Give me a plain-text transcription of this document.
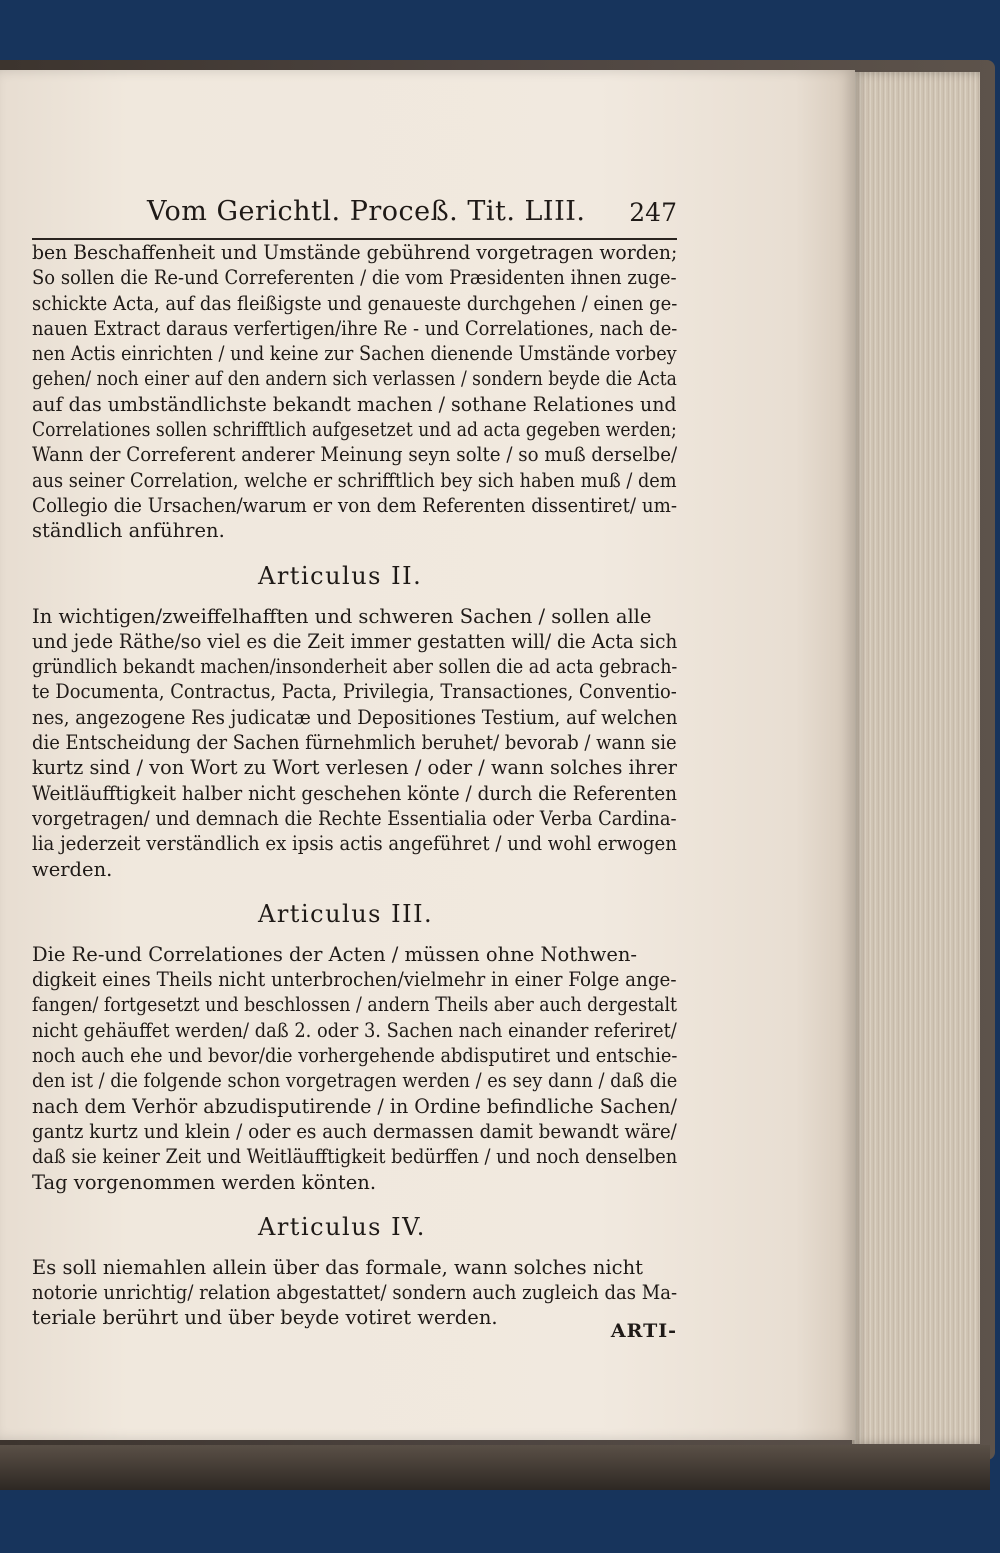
Vom Gerichtl. Proceß. Tit. LIII. 247

ben Beschaffenheit und Umstände gebührend vorgetragen worden;
So sollen die Re-und Correferenten / die vom Præsidenten ihnen zuge-
schickte Acta, auf das fleißigste und genaueste durchgehen / einen ge-
nauen Extract daraus verfertigen/ihre Re - und Correlationes, nach de-
nen Actis einrichten / und keine zur Sachen dienende Umstände vorbey
gehen/ noch einer auf den andern sich verlassen / sondern beyde die Acta
auf das umbständlichste bekandt machen / sothane Relationes und
Correlationes sollen schrifftlich aufgesetzet und ad acta gegeben werden;
Wann der Correferent anderer Meinung seyn solte / so muß derselbe/
aus seiner Correlation, welche er schrifftlich bey sich haben muß / dem
Collegio die Ursachen/warum er von dem Referenten dissentiret/ um-
ständlich anführen.

Articulus II.

In wichtigen/zweiffelhafften und schweren Sachen / sollen alle
und jede Räthe/so viel es die Zeit immer gestatten will/ die Acta sich
gründlich bekandt machen/insonderheit aber sollen die ad acta gebrach-
te Documenta, Contractus, Pacta, Privilegia, Transactiones, Conventio-
nes, angezogene Res judicatæ und Depositiones Testium, auf welchen
die Entscheidung der Sachen fürnehmlich beruhet/ bevorab / wann sie
kurtz sind / von Wort zu Wort verlesen / oder / wann solches ihrer
Weitläufftigkeit halber nicht geschehen könte / durch die Referenten
vorgetragen/ und demnach die Rechte Essentialia oder Verba Cardina-
lia jederzeit verständlich ex ipsis actis angeführet / und wohl erwogen
werden.

Articulus III.

Die Re-und Correlationes der Acten / müssen ohne Nothwen-
digkeit eines Theils nicht unterbrochen/vielmehr in einer Folge ange-
fangen/ fortgesetzt und beschlossen / andern Theils aber auch dergestalt
nicht gehäuffet werden/ daß 2. oder 3. Sachen nach einander referiret/
noch auch ehe und bevor/die vorhergehende abdisputiret und entschie-
den ist / die folgende schon vorgetragen werden / es sey dann / daß die
nach dem Verhör abzudisputirende / in Ordine befindliche Sachen/
gantz kurtz und klein / oder es auch dermassen damit bewandt wäre/
daß sie keiner Zeit und Weitläufftigkeit bedürffen / und noch denselben
Tag vorgenommen werden könten.

Articulus IV.

Es soll niemahlen allein über das formale, wann solches nicht
notorie unrichtig/ relation abgestattet/ sondern auch zugleich das Ma-
teriale berührt und über beyde votiret werden.

ARTI-
